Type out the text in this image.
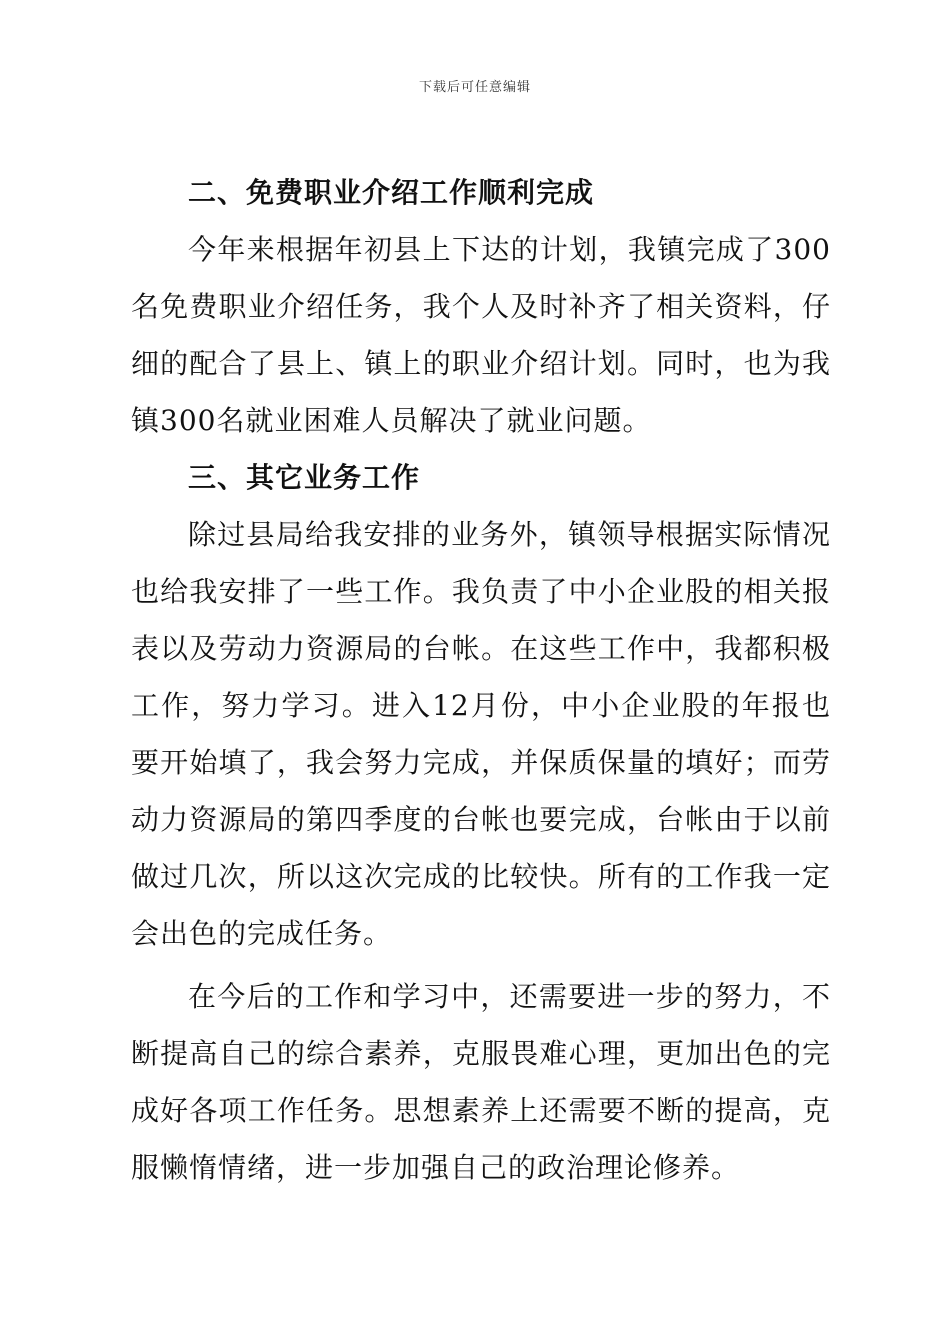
下载后可任意编辑
二、免费职业介绍工作顺利完成

今年来根据年初县上下达的计划，我镇完成了300名免费职业介绍任务，我个人及时补齐了相关资料，仔细的配合了县上、镇上的职业介绍计划。同时，也为我镇300名就业困难人员解决了就业问题。

三、其它业务工作

除过县局给我安排的业务外，镇领导根据实际情况也给我安排了一些工作。我负责了中小企业股的相关报表以及劳动力资源局的台帐。在这些工作中，我都积极工作，努力学习。进入12月份，中小企业股的年报也要开始填了，我会努力完成，并保质保量的填好；而劳动力资源局的第四季度的台帐也要完成，台帐由于以前做过几次，所以这次完成的比较快。所有的工作我一定会出色的完成任务。

在今后的工作和学习中，还需要进一步的努力，不断提高自己的综合素养，克服畏难心理，更加出色的完成好各项工作任务。思想素养上还需要不断的提高，克服懒惰情绪，进一步加强自己的政治理论修养。
